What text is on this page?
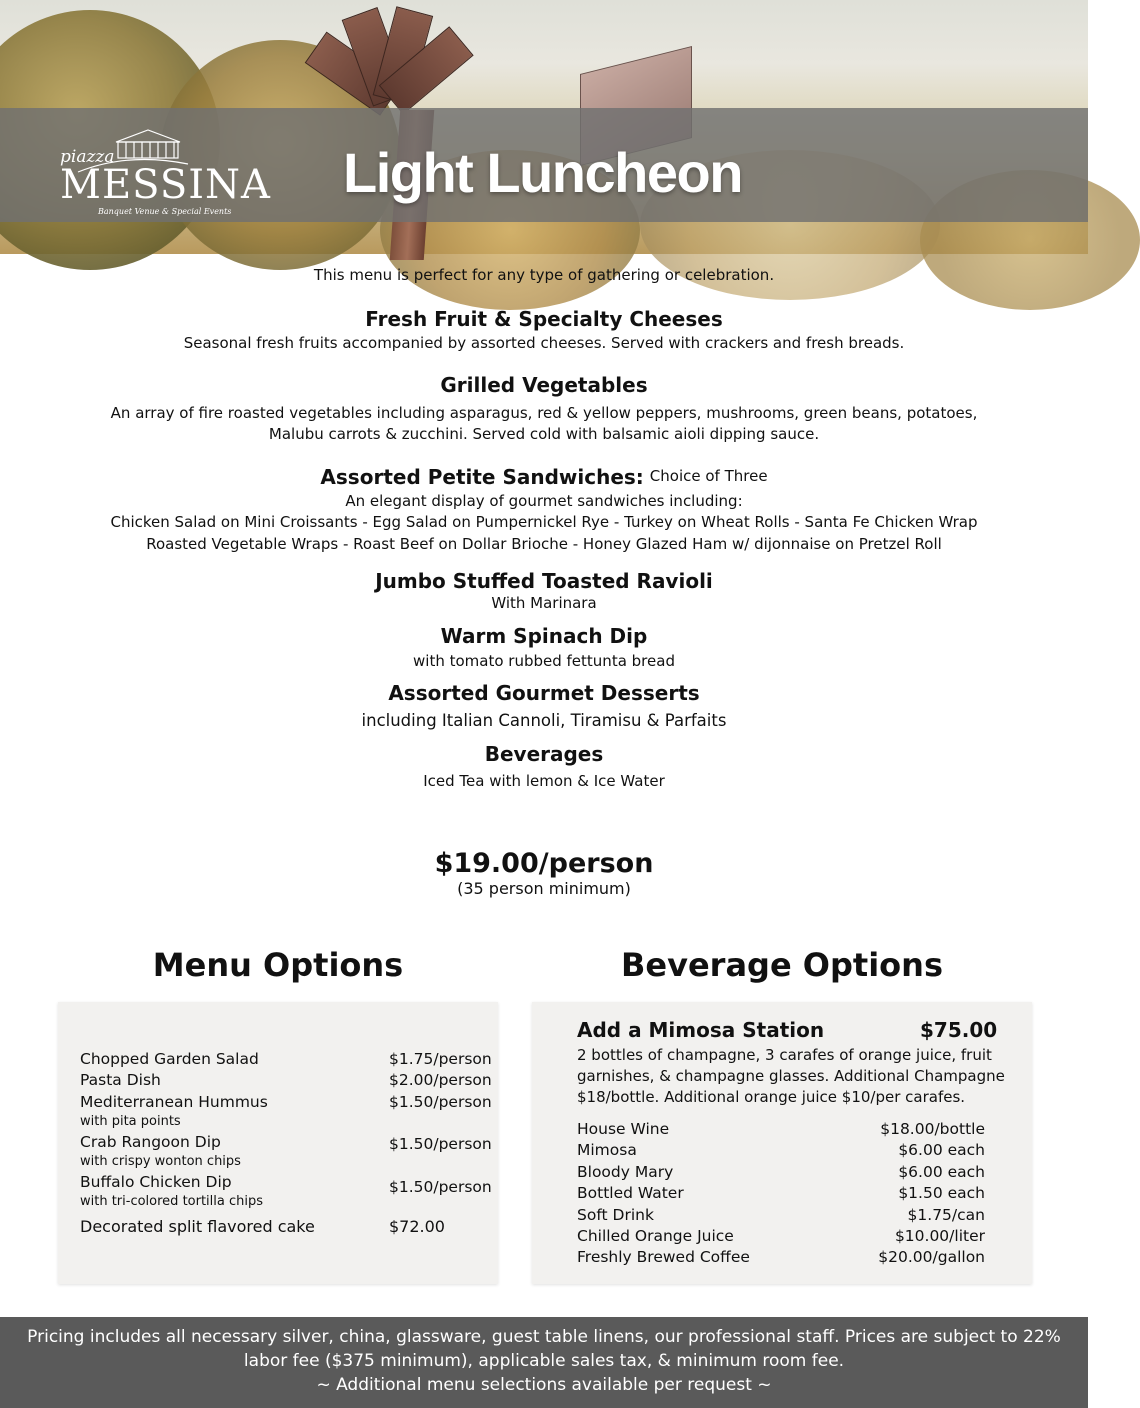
piazza
MESSINA
Banquet Venue & Special Events
Light Luncheon

This menu is perfect for any type of gathering or celebration.

Fresh Fruit & Specialty Cheeses

Seasonal fresh fruits accompanied by assorted cheeses. Served with crackers and fresh breads.

Grilled Vegetables

An array of fire roasted vegetables including asparagus, red & yellow peppers, mushrooms, green beans, potatoes,

Malubu carrots & zucchini. Served cold with balsamic aioli dipping sauce.

Assorted Petite Sandwiches: Choice of Three

An elegant display of gourmet sandwiches including:

Chicken Salad on Mini Croissants - Egg Salad on Pumpernickel Rye - Turkey on Wheat Rolls - Santa Fe Chicken Wrap

Roasted Vegetable Wraps - Roast Beef on Dollar Brioche - Honey Glazed Ham w/ dijonnaise on Pretzel Roll

Jumbo Stuffed Toasted Ravioli

With Marinara

Warm Spinach Dip

with tomato rubbed fettunta bread

Assorted Gourmet Desserts

including Italian Cannoli, Tiramisu & Parfaits

Beverages

Iced Tea with lemon & Ice Water

$19.00/person

(35 person minimum)

Menu Options
Chopped Garden Salad	$1.75/person
Pasta Dish	$2.00/person
Mediterranean Hummus	$1.50/person
with pita points
Crab Rangoon Dip	$1.50/person
with crispy wonton chips
Buffalo Chicken Dip	$1.50/person
with tri-colored tortilla chips
Decorated split flavored cake	$72.00
Beverage Options
Add a Mimosa Station	$75.00
2 bottles of champagne, 3 carafes of orange juice, fruit garnishes, & champagne glasses. Additional Champagne $18/bottle. Additional orange juice $10/per carafes.
House Wine	$18.00/bottle
Mimosa	$6.00 each
Bloody Mary	$6.00 each
Bottled Water	$1.50 each
Soft Drink	$1.75/can
Chilled Orange Juice	$10.00/liter
Freshly Brewed Coffee	$20.00/gallon

Pricing includes all necessary silver, china, glassware, guest table linens, our professional staff. Prices are subject to 22%

labor fee ($375 minimum), applicable sales tax, & minimum room fee.

~ Additional menu selections available per request ~
